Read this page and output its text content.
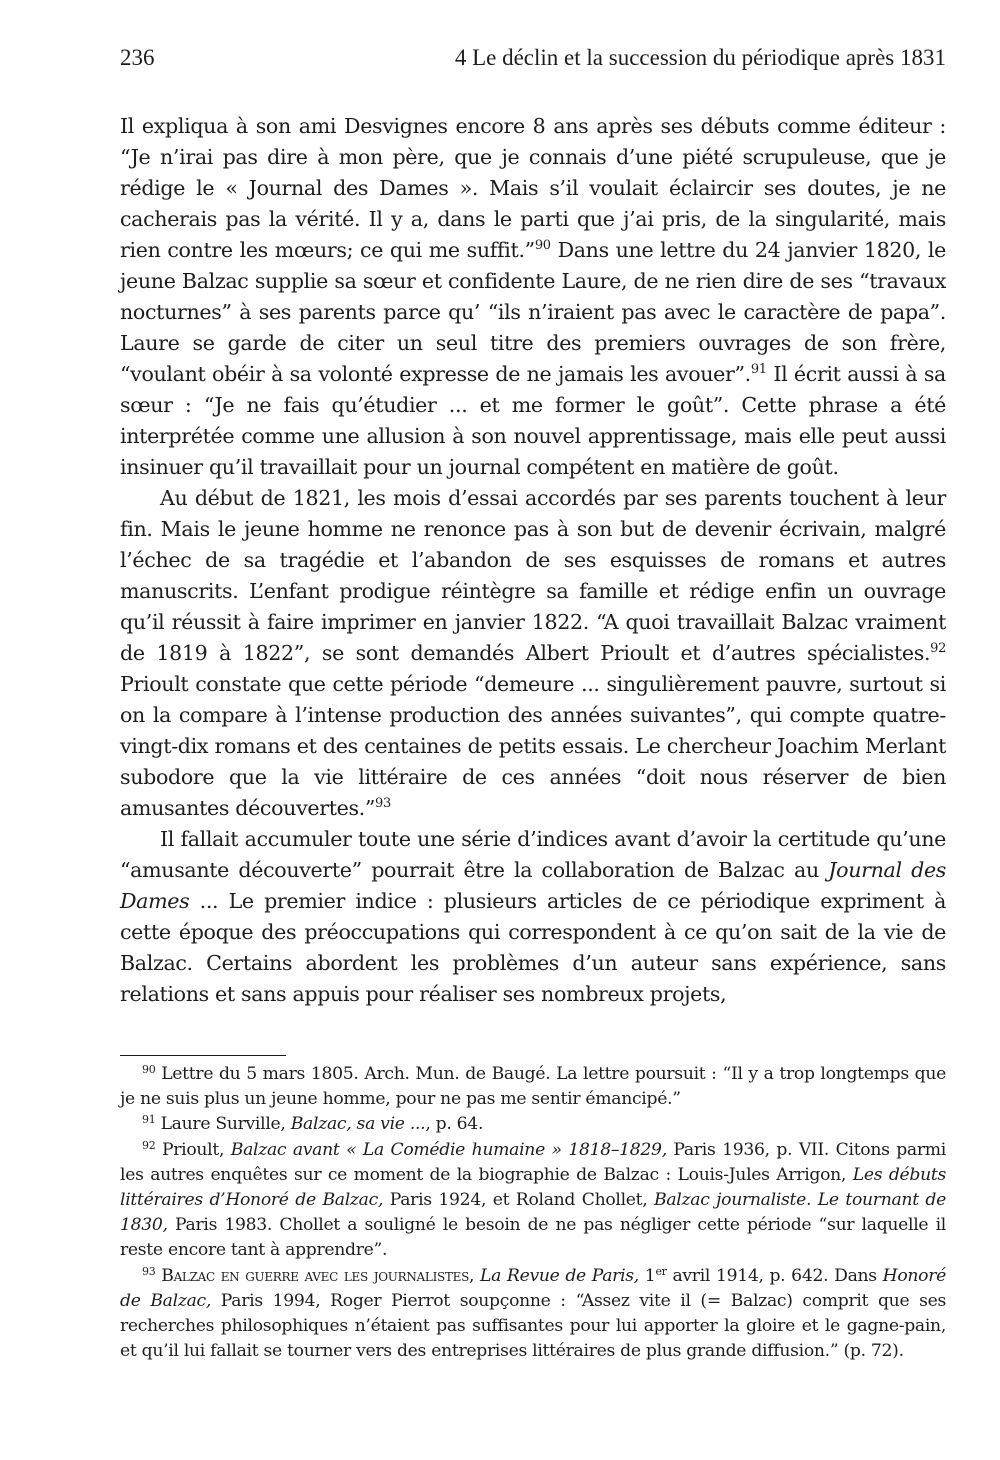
236	4 Le déclin et la succession du périodique après 1831

Il expliqua à son ami Desvignes encore 8 ans après ses débuts comme éditeur : “Je n’irai pas dire à mon père, que je connais d’une piété scrupuleuse, que je rédige le « Journal des Dames ». Mais s’il voulait éclaircir ses doutes, je ne cacherais pas la vérité. Il y a, dans le parti que j’ai pris, de la singularité, mais rien contre les mœurs; ce qui me suffit.”$^{90}$ Dans une lettre du 24 janvier 1820, le jeune Balzac supplie sa sœur et confidente Laure, de ne rien dire de ses “travaux nocturnes” à ses parents parce qu’ “ils n’iraient pas avec le caractère de papa”. Laure se garde de citer un seul titre des premiers ouvrages de son frère, “voulant obéir à sa volonté expresse de ne jamais les avouer”.$^{91}$ Il écrit aussi à sa sœur : “Je ne fais qu’étudier ... et me former le goût”. Cette phrase a été interprétée comme une allusion à son nouvel apprentissage, mais elle peut aussi insinuer qu’il travaillait pour un journal compétent en matière de goût.

Au début de 1821, les mois d’essai accordés par ses parents touchent à leur fin. Mais le jeune homme ne renonce pas à son but de devenir écrivain, malgré l’échec de sa tragédie et l’abandon de ses esquisses de romans et autres manuscrits. L’enfant prodigue réintègre sa famille et rédige enfin un ouvrage qu’il réussit à faire imprimer en janvier 1822. “A quoi travaillait Balzac vraiment de 1819 à 1822”, se sont demandés Albert Prioult et d’autres spécialistes.$^{92}$ Prioult constate que cette période “demeure ... singulièrement pauvre, surtout si on la compare à l’intense production des années suivantes”, qui compte quatre-vingt-dix romans et des centaines de petits essais. Le chercheur Joachim Merlant subodore que la vie littéraire de ces années “doit nous réserver de bien amusantes découvertes.”$^{93}$

Il fallait accumuler toute une série d’indices avant d’avoir la certitude qu’une “amusante découverte” pourrait être la collaboration de Balzac au Journal des Dames ... Le premier indice : plusieurs articles de ce périodique expriment à cette époque des préoccupations qui correspondent à ce qu’on sait de la vie de Balzac. Certains abordent les problèmes d’un auteur sans expérience, sans relations et sans appuis pour réaliser ses nombreux projets,

$^{90}$ Lettre du 5 mars 1805. Arch. Mun. de Baugé. La lettre poursuit : “Il y a trop longtemps que je ne suis plus un jeune homme, pour ne pas me sentir émancipé.”

$^{91}$ Laure Surville, Balzac, sa vie ..., p. 64.

$^{92}$ Prioult, Balzac avant « La Comédie humaine » 1818–1829, Paris 1936, p. VII. Citons parmi les autres enquêtes sur ce moment de la biographie de Balzac : Louis-Jules Arrigon, Les débuts littéraires d’Honoré de Balzac, Paris 1924, et Roland Chollet, Balzac journaliste. Le tournant de 1830, Paris 1983. Chollet a souligné le besoin de ne pas négliger cette période “sur laquelle il reste encore tant à apprendre”.

$^{93}$ Balzac en guerre avec les journalistes, La Revue de Paris, 1er avril 1914, p. 642. Dans Honoré de Balzac, Paris 1994, Roger Pierrot soupçonne : “Assez vite il (= Balzac) comprit que ses recherches philosophiques n’étaient pas suffisantes pour lui apporter la gloire et le gagne-pain, et qu’il lui fallait se tourner vers des entreprises littéraires de plus grande diffusion.” (p. 72).
